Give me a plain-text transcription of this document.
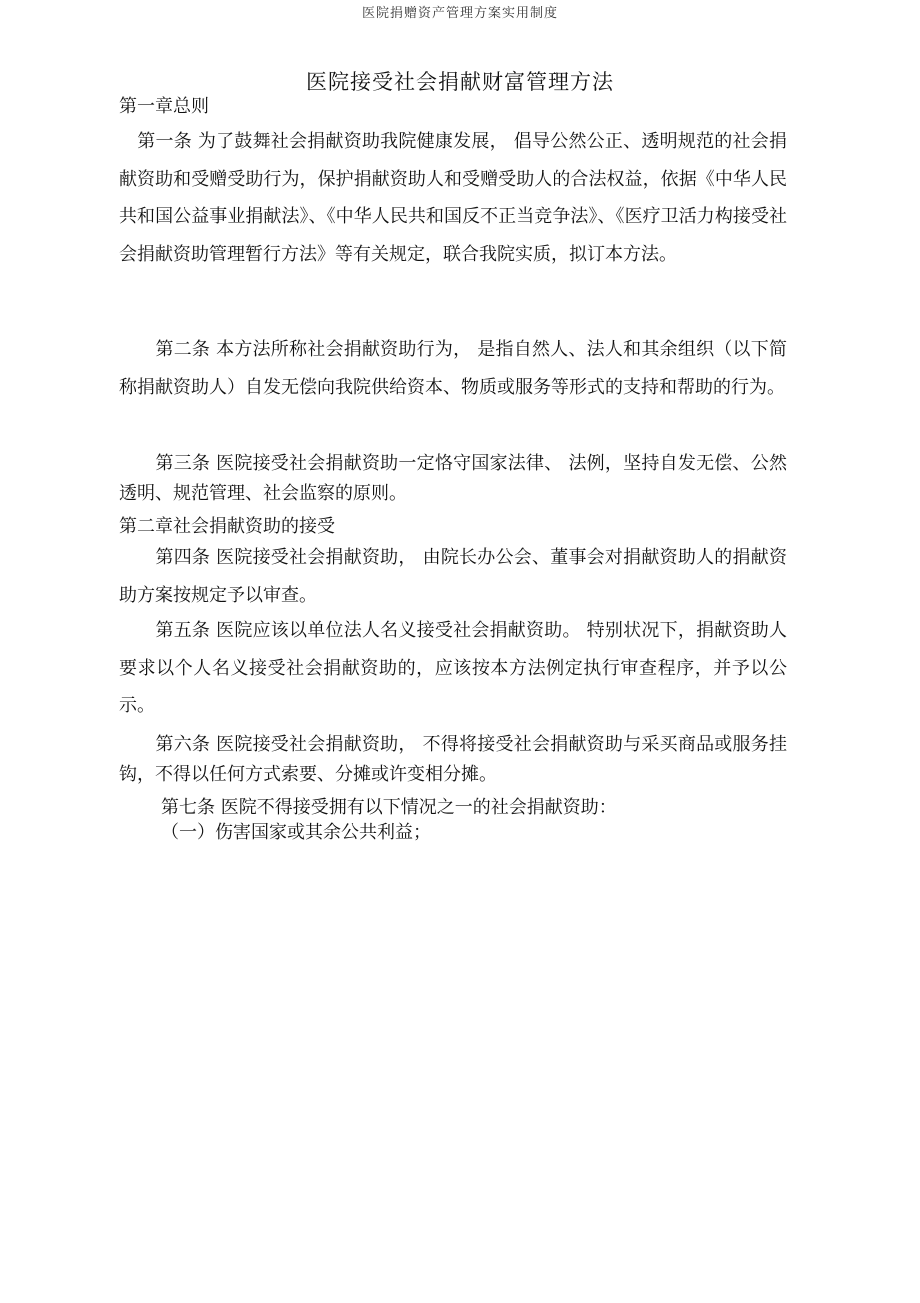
医院捐赠资产管理方案实用制度
医院接受社会捐献财富管理方法
第一章总则

　第一条 为了鼓舞社会捐献资助我院健康发展， 倡导公然公正、透明规范的社会捐献资助和受赠受助行为，保护捐献资助人和受赠受助人的合法权益，依据《中华人民共和国公益事业捐献法》、《中华人民共和国反不正当竞争法》、《医疗卫活力构接受社会捐献资助管理暂行方法》等有关规定，联合我院实质，拟订本方法。

　　第二条 本方法所称社会捐献资助行为， 是指自然人、法人和其余组织（以下简称捐献资助人）自发无偿向我院供给资本、物质或服务等形式的支持和帮助的行为。

　　第三条 医院接受社会捐献资助一定恪守国家法律、 法例，坚持自发无偿、公然透明、规范管理、社会监察的原则。

第二章社会捐献资助的接受

　　第四条 医院接受社会捐献资助， 由院长办公会、董事会对捐献资助人的捐献资助方案按规定予以审查。

　　第五条 医院应该以单位法人名义接受社会捐献资助。 特别状况下，捐献资助人要求以个人名义接受社会捐献资助的，应该按本方法例定执行审查程序，并予以公示。

　　第六条 医院接受社会捐献资助， 不得将接受社会捐献资助与采买商品或服务挂钩，不得以任何方式索要、分摊或许变相分摊。

第七条 医院不得接受拥有以下情况之一的社会捐献资助：

（一）伤害国家或其余公共利益；
